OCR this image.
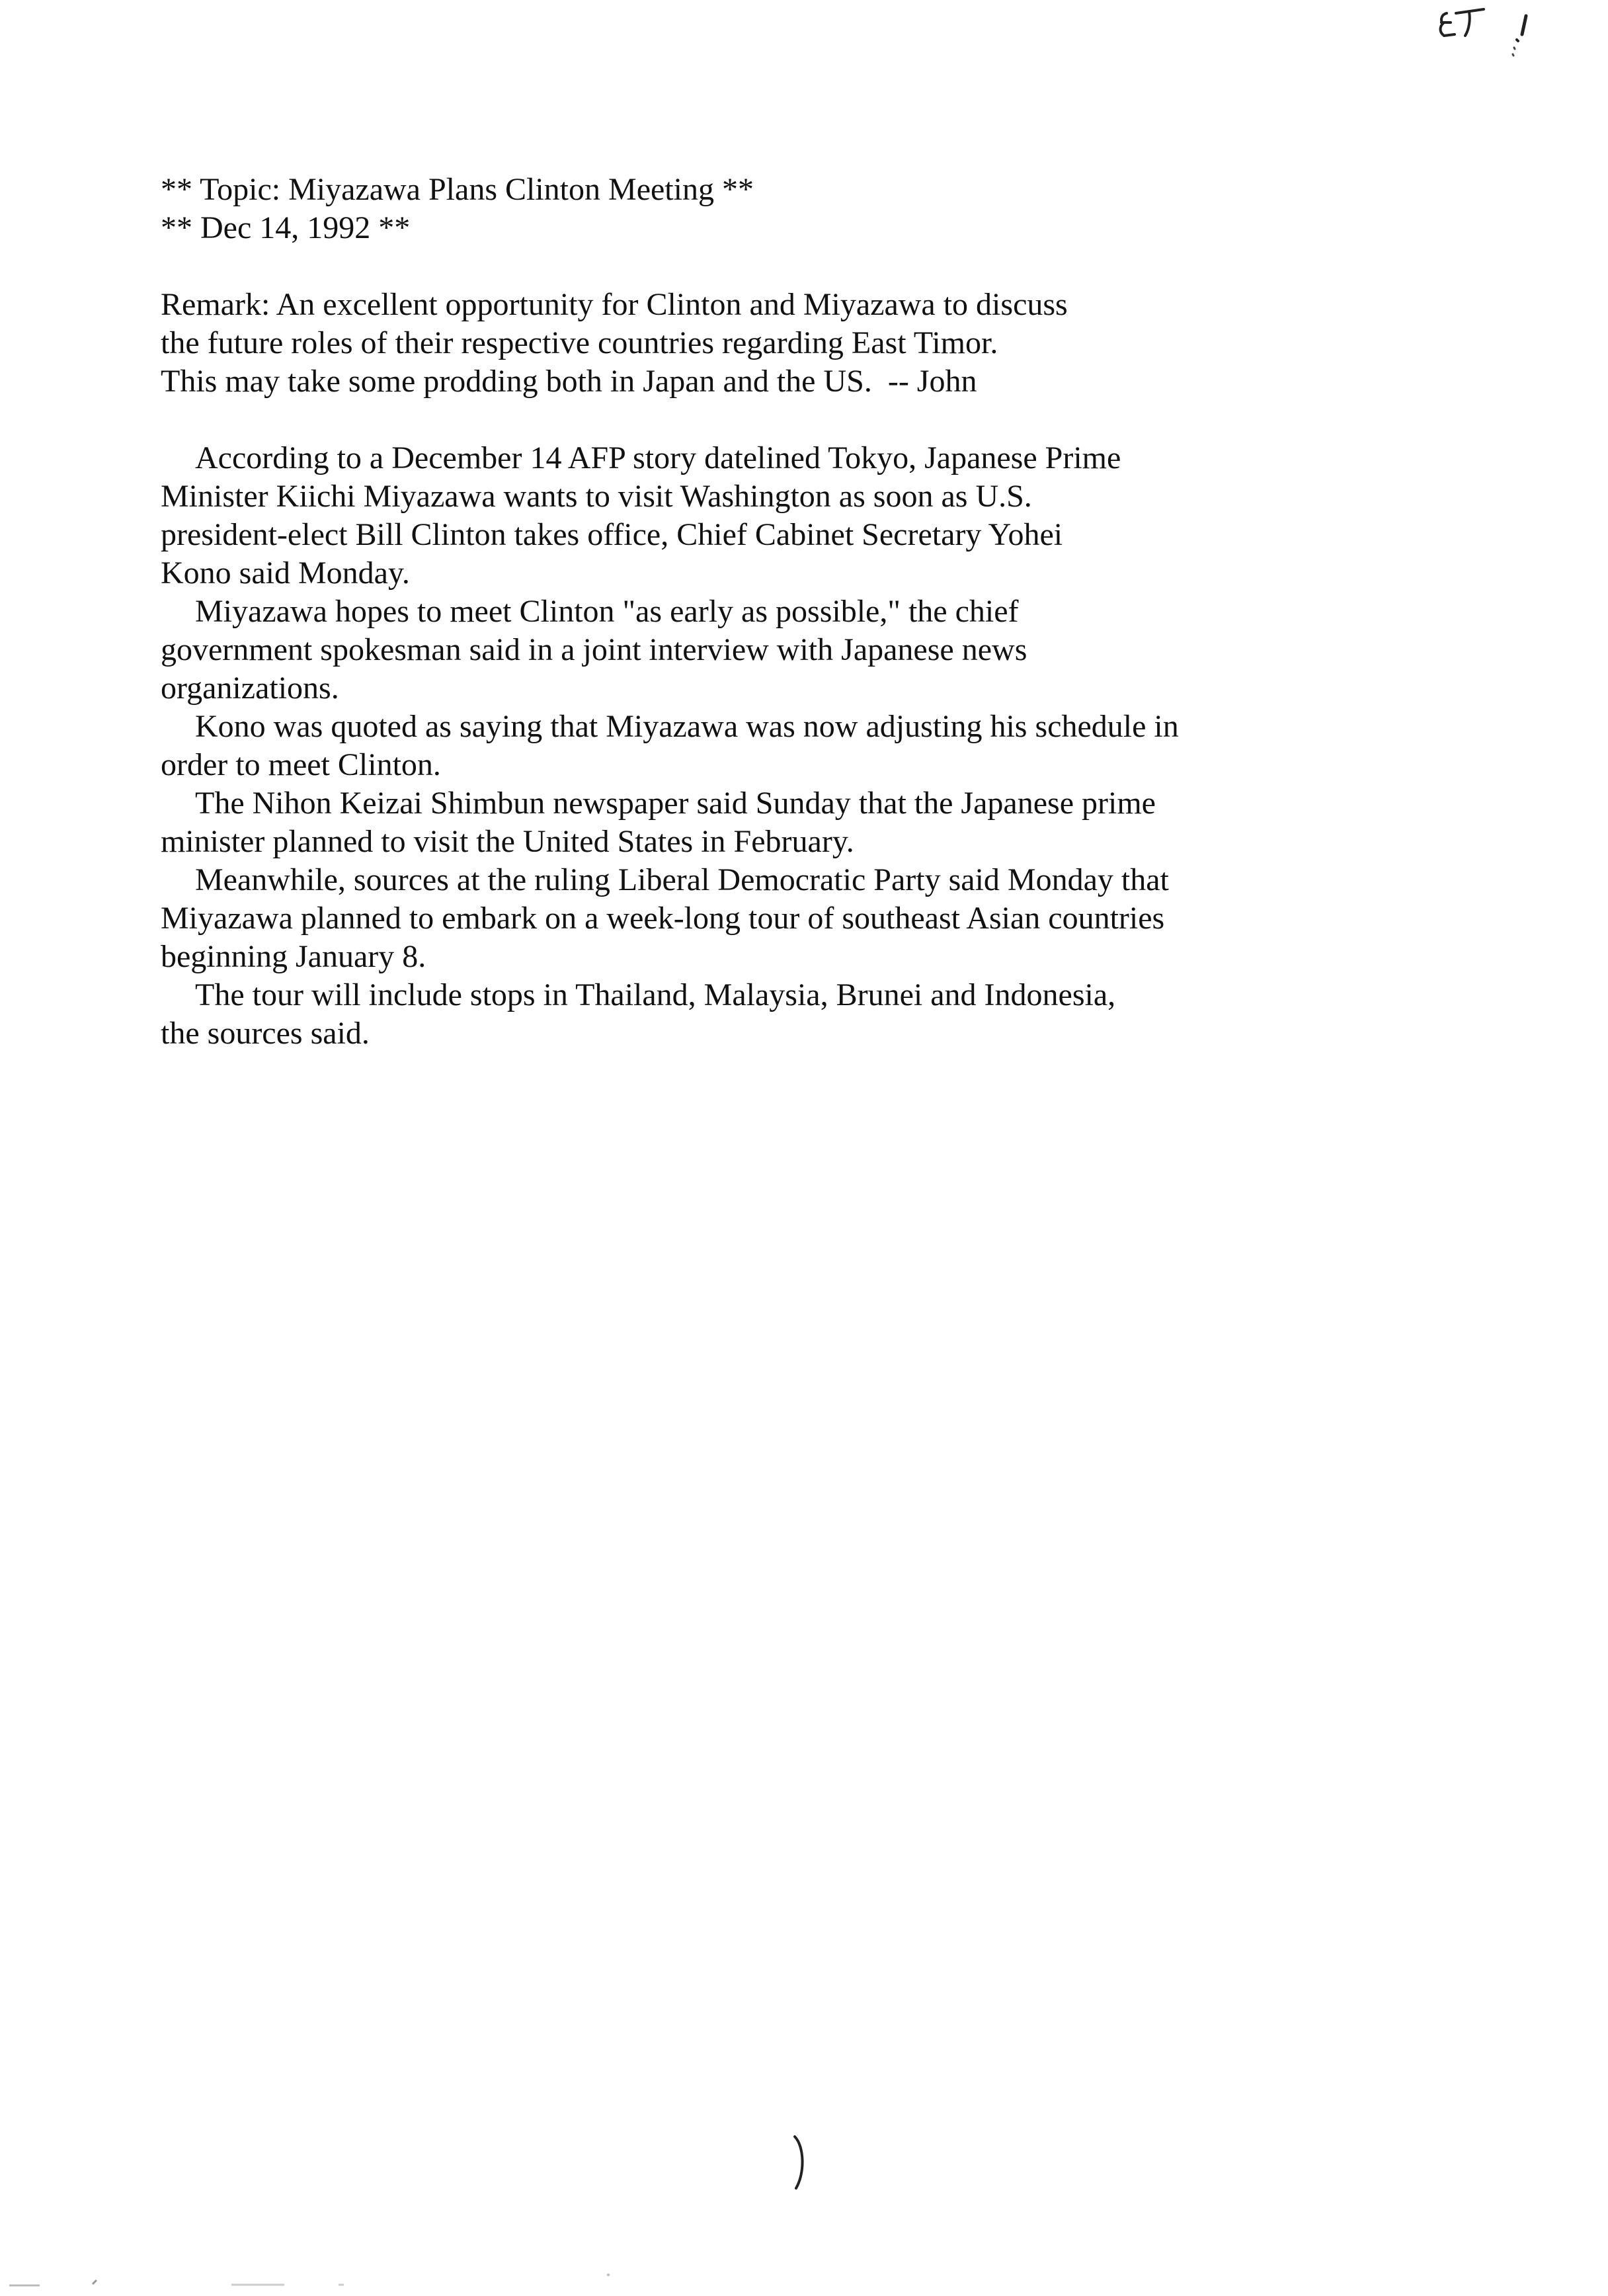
** Topic: Miyazawa Plans Clinton Meeting **
** Dec 14, 1992 **
Remark: An excellent opportunity for Clinton and Miyazawa to discuss
the future roles of their respective countries regarding East Timor.
This may take some prodding both in Japan and the US.  -- John
According to a December 14 AFP story datelined Tokyo, Japanese Prime
Minister Kiichi Miyazawa wants to visit Washington as soon as U.S.
president-elect Bill Clinton takes office, Chief Cabinet Secretary Yohei
Kono said Monday.
Miyazawa hopes to meet Clinton "as early as possible," the chief
government spokesman said in a joint interview with Japanese news
organizations.
Kono was quoted as saying that Miyazawa was now adjusting his schedule in
order to meet Clinton.
The Nihon Keizai Shimbun newspaper said Sunday that the Japanese prime
minister planned to visit the United States in February.
Meanwhile, sources at the ruling Liberal Democratic Party said Monday that
Miyazawa planned to embark on a week-long tour of southeast Asian countries
beginning January 8.
The tour will include stops in Thailand, Malaysia, Brunei and Indonesia,
the sources said.
